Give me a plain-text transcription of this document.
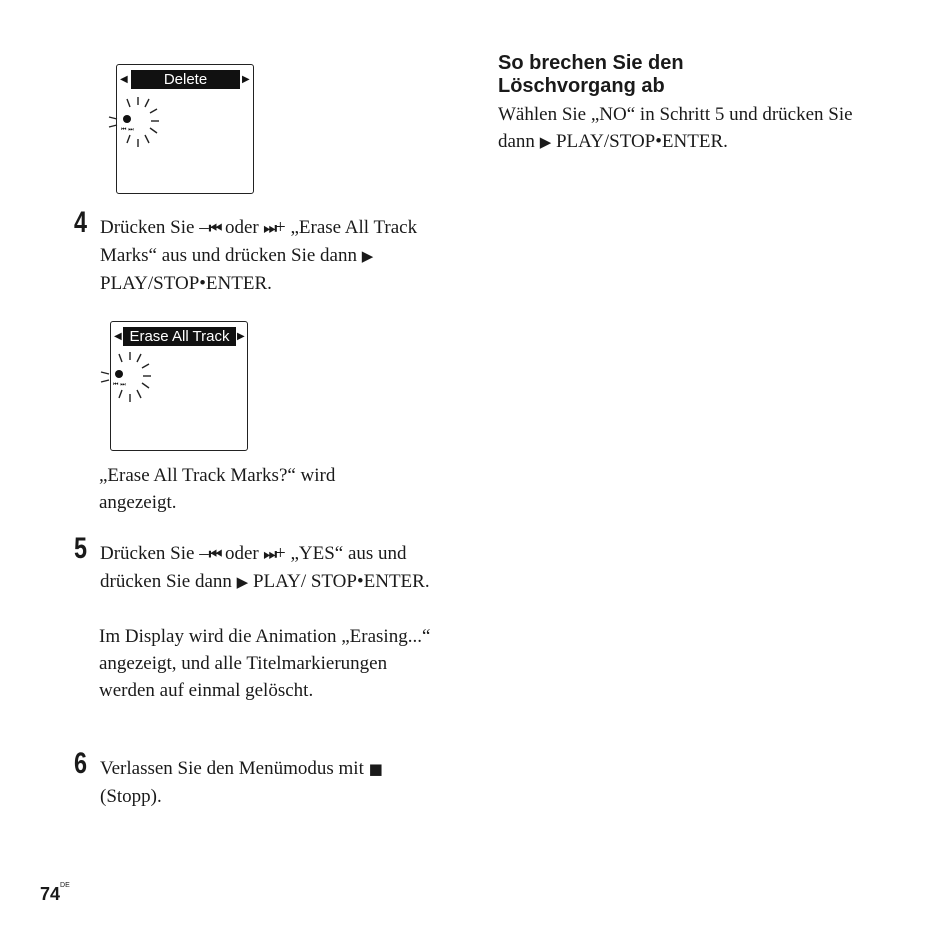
◀	Delete	▶
⏮ ⏭
4 Drücken Sie –⏮ oder ⏭+ „Erase All Track Marks“ aus und drücken Sie dann ▶ PLAY/STOP•ENTER.
◀ Erase All Track ▶
⏮ ⏭
„Erase All Track Marks?“ wird angezeigt.
5 Drücken Sie –⏮ oder ⏭+ „YES“ aus und drücken Sie dann ▶ PLAY/ STOP•ENTER.
Im Display wird die Animation „Erasing...“ angezeigt, und alle Titelmarkierungen werden auf einmal gelöscht.
6 Verlassen Sie den Menümodus mit ■ (Stopp).
So brechen Sie den Löschvorgang ab
Wählen Sie „NO“ in Schritt 5 und drücken Sie dann ▶ PLAY/STOP•ENTER.
74DE
